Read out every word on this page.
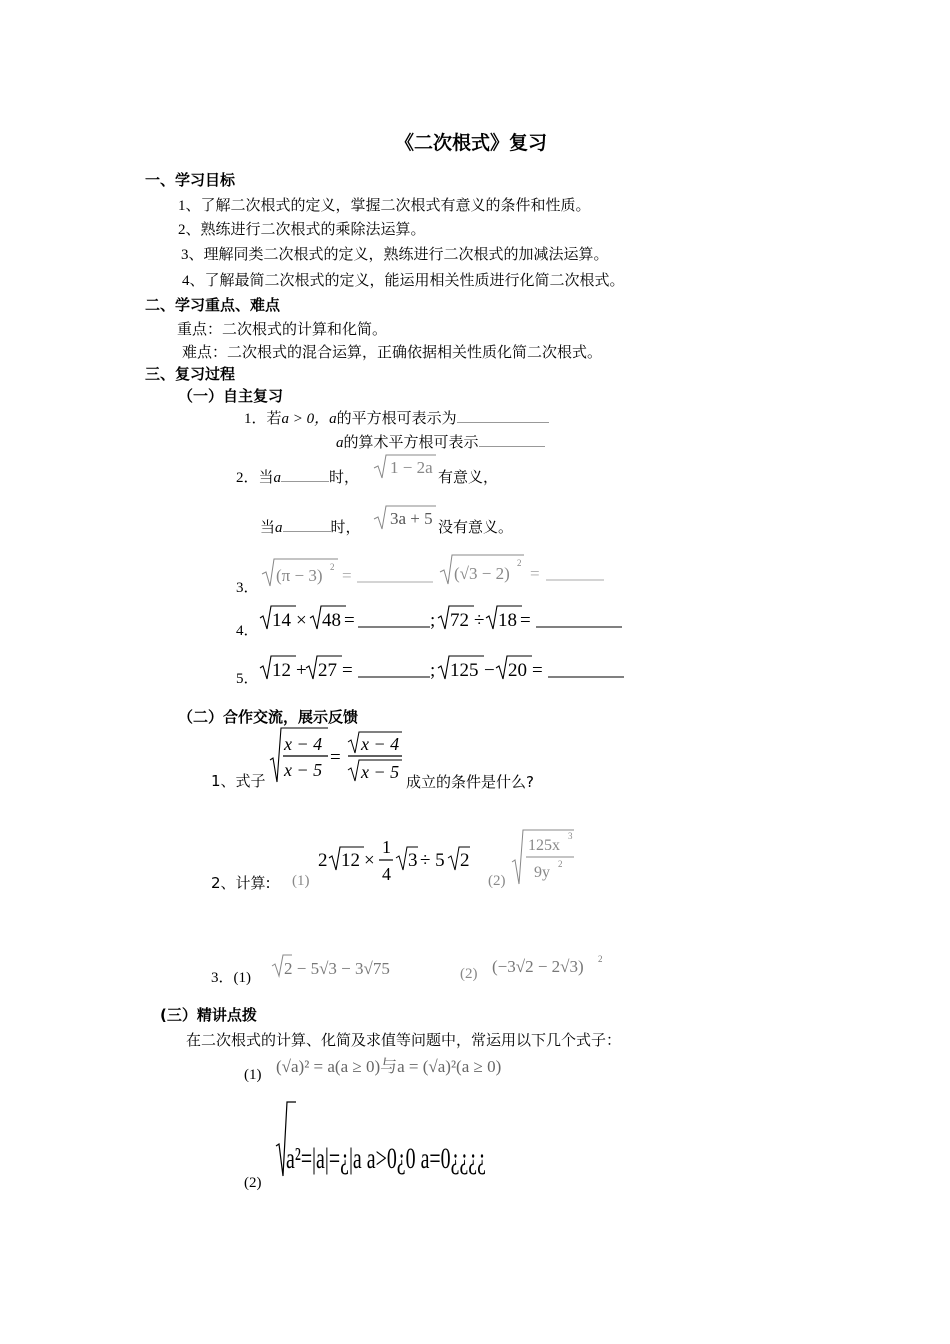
《二次根式》复习
一、学习目标
1、了解二次根式的定义，掌握二次根式有意义的条件和性质。
2、熟练进行二次根式的乘除法运算。
3、理解同类二次根式的定义，熟练进行二次根式的加减法运算。
4、了解最简二次根式的定义，能运用相关性质进行化简二次根式。
二、学习重点、难点
重点：二次根式的计算和化简。
难点：二次根式的混合运算，正确依据相关性质化简二次根式。
三、复习过程
（一）自主复习
1．若a > 0，a的平方根可表示为
a的算术平方根可表示
2．当a	时， 1 − 2a 有意义，
当a	时， 3a + 5 没有意义。
3．
(π − 3) 2 =	(√3 − 2)
2
=
4． 14 × 48 =	; 72 ÷ 18 =
5． 12 + 27 =	; 125 − 20 =
（二）合作交流，展示反馈
1、式子
x − 4
x − 5
=
x − 4
x − 5 成立的条件是什么?
2、计算: (1)
2 12 ×
1
4
3 ÷ 5 2
(2)
125x
3
9y 2
3．(1) 2 − 5√3 − 3√75	(2) (−3√2 − 2√3) 2
(三）精讲点拨
在二次根式的计算、化简及求值等问题中，常运用以下几个式子：
(1) (√a)² = a(a ≥ 0)与a = (√a)²(a ≥ 0)
(2)
a²=|a|=¿|a a>0¿0 a=0¿¿¿¿
